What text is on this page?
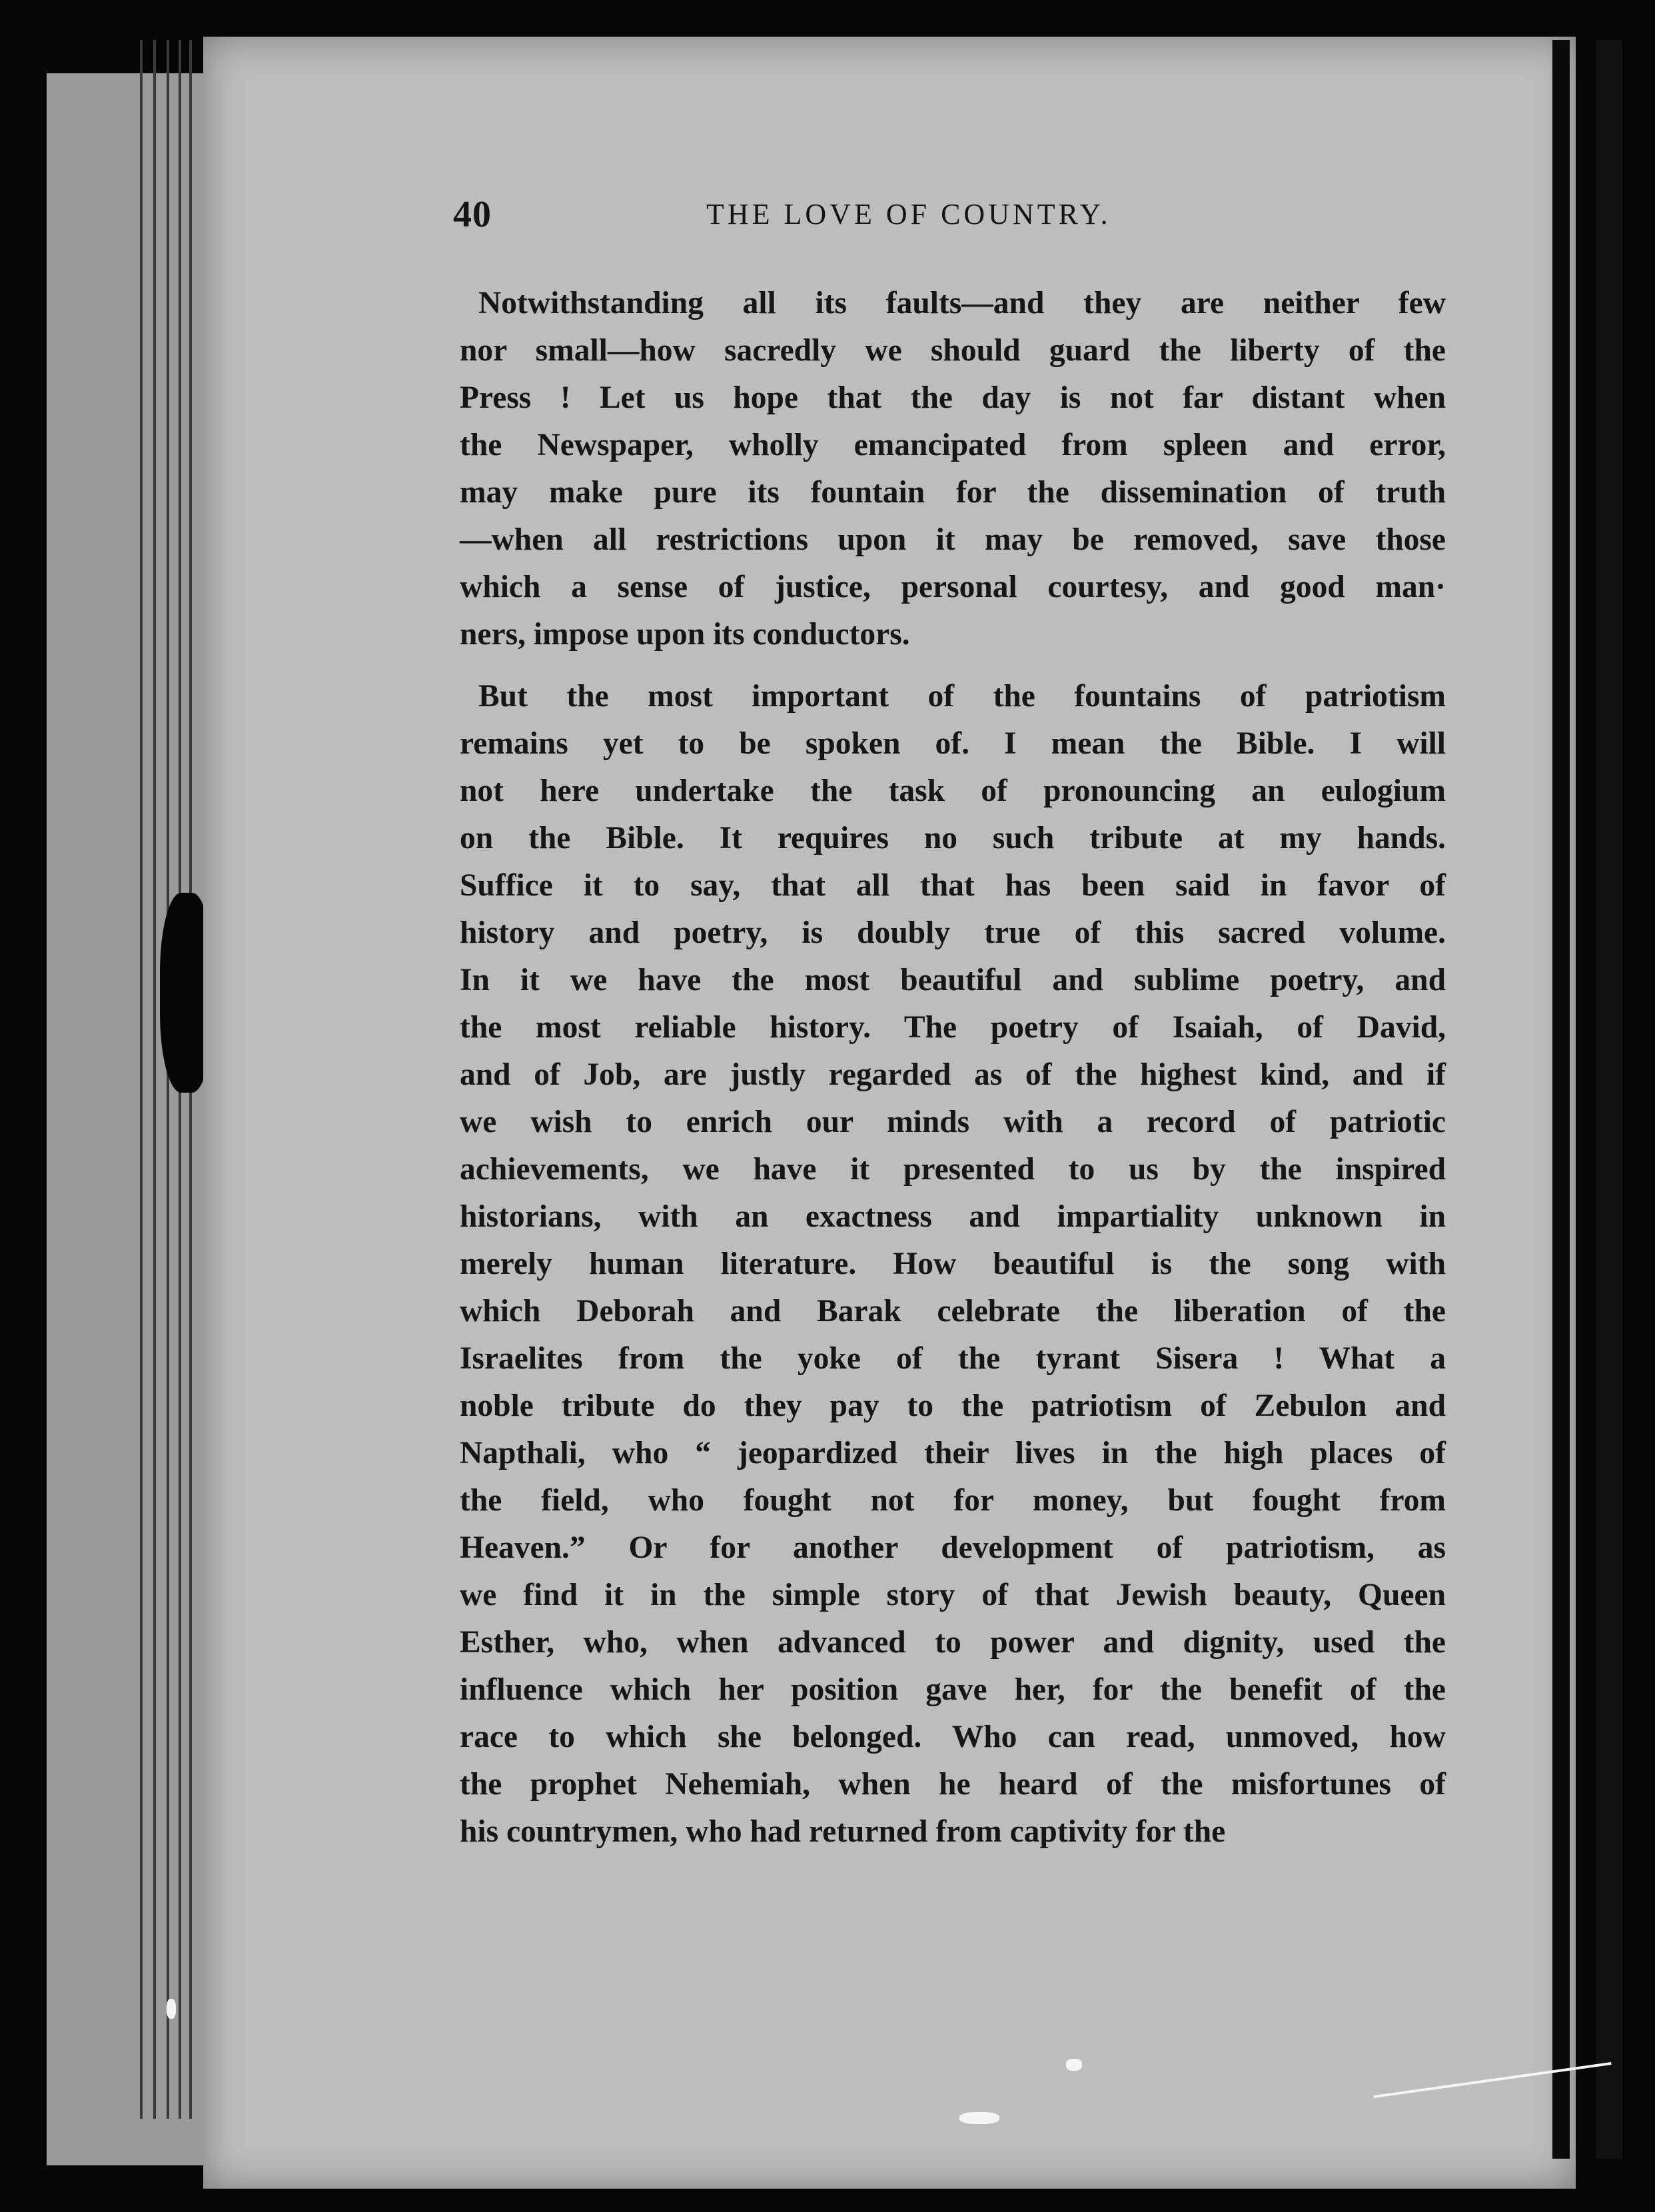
40	THE LOVE OF COUNTRY.
Notwithstanding all its faults—and they are neither few
nor small—how sacredly we should guard the liberty of the
Press ! Let us hope that the day is not far distant when
the Newspaper, wholly emancipated from spleen and error,
may make pure its fountain for the dissemination of truth
—when all restrictions upon it may be removed, save those
which a sense of justice, personal courtesy, and good man·
ners, impose upon its conductors.
But the most important of the fountains of patriotism
remains yet to be spoken of. I mean the Bible. I will
not here undertake the task of pronouncing an eulogium
on the Bible. It requires no such tribute at my hands.
Suffice it to say, that all that has been said in favor of
history and poetry, is doubly true of this sacred volume.
In it we have the most beautiful and sublime poetry, and
the most reliable history. The poetry of Isaiah, of David,
and of Job, are justly regarded as of the highest kind, and if
we wish to enrich our minds with a record of patriotic
achievements, we have it presented to us by the inspired
historians, with an exactness and impartiality unknown in
merely human literature. How beautiful is the song with
which Deborah and Barak celebrate the liberation of the
Israelites from the yoke of the tyrant Sisera ! What a
noble tribute do they pay to the patriotism of Zebulon and
Napthali, who “ jeopardized their lives in the high places of
the field, who fought not for money, but fought from
Heaven.” Or for another development of patriotism, as
we find it in the simple story of that Jewish beauty, Queen
Esther, who, when advanced to power and dignity, used the
influence which her position gave her, for the benefit of the
race to which she belonged. Who can read, unmoved, how
the prophet Nehemiah, when he heard of the misfortunes of
his countrymen, who had returned from captivity for the
